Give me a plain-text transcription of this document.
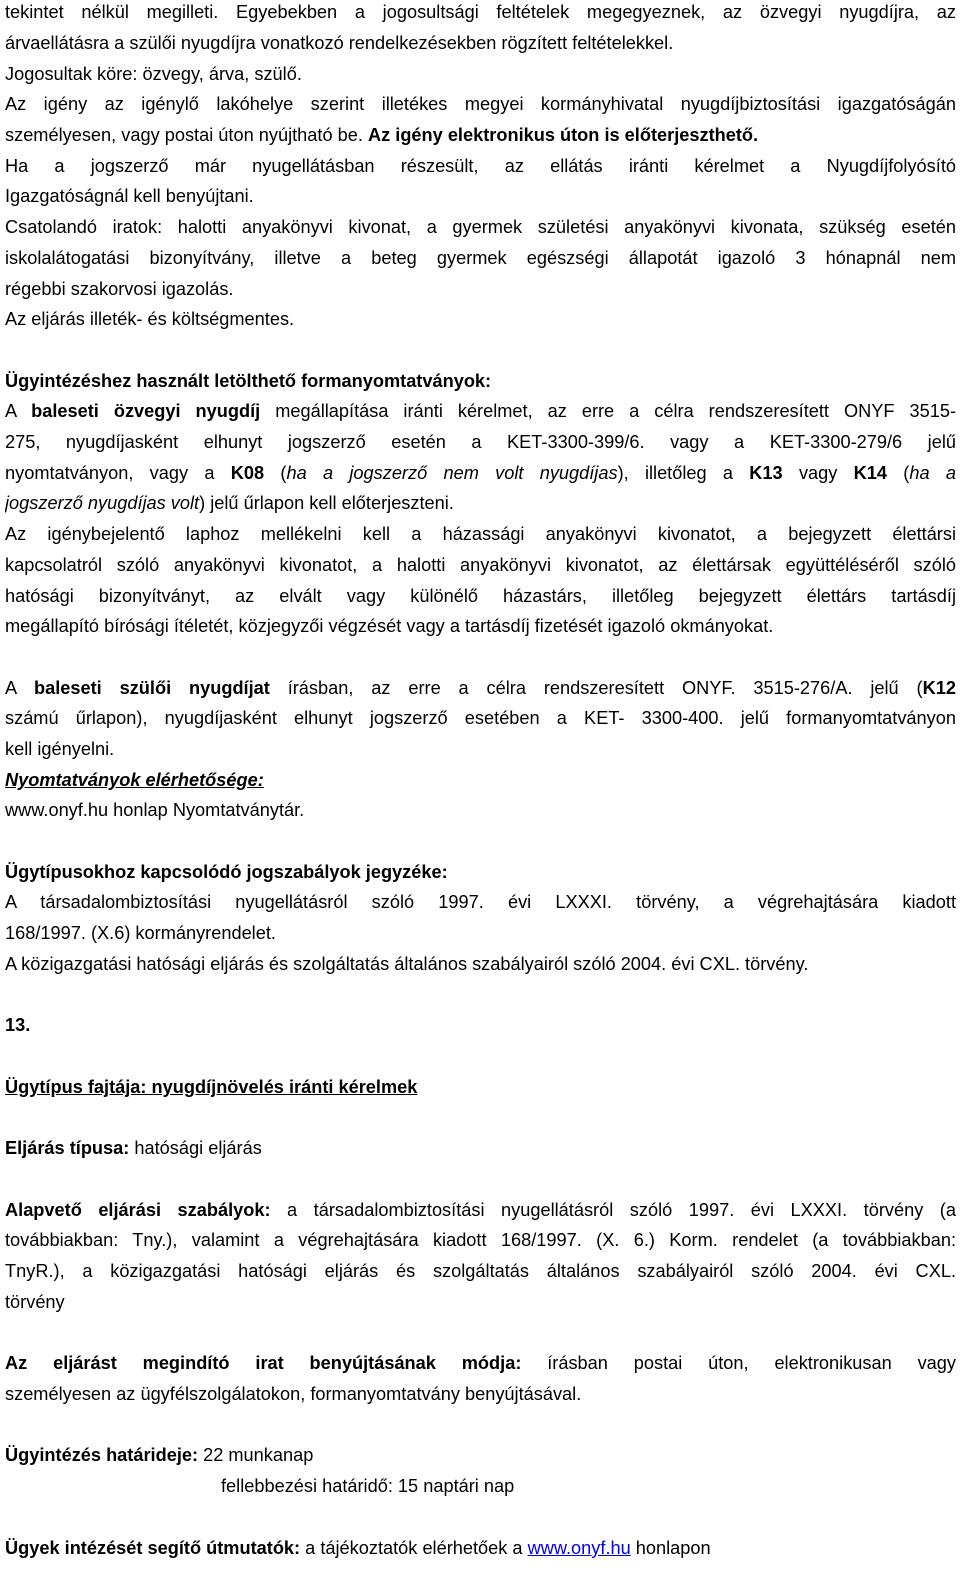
tekintet nélkül megilleti. Egyebekben a jogosultsági feltételek megegyeznek, az özvegyi nyugdíjra, az
árvaellátásra a szülői nyugdíjra vonatkozó rendelkezésekben rögzített feltételekkel.
Jogosultak köre: özvegy, árva, szülő.
Az igény az igénylő lakóhelye szerint illetékes megyei kormányhivatal nyugdíjbiztosítási igazgatóságán
személyesen, vagy postai úton nyújtható be. Az igény elektronikus úton is előterjeszthető.
Ha a jogszerző már nyugellátásban részesült, az ellátás iránti kérelmet a Nyugdíjfolyósító
Igazgatóságnál kell benyújtani.
Csatolandó iratok: halotti anyakönyvi kivonat, a gyermek születési anyakönyvi kivonata, szükség esetén
iskolalátogatási bizonyítvány, illetve a beteg gyermek egészségi állapotát igazoló 3 hónapnál nem
régebbi szakorvosi igazolás.
Az eljárás illeték- és költségmentes.
Ügyintézéshez használt letölthető formanyomtatványok:
A baleseti özvegyi nyugdíj megállapítása iránti kérelmet, az erre a célra rendszeresített ONYF 3515-
275, nyugdíjasként elhunyt jogszerző esetén a KET-3300-399/6. vagy a KET-3300-279/6 jelű
nyomtatványon, vagy a K08 (ha a jogszerző nem volt nyugdíjas), illetőleg a K13 vagy K14 (ha a
jogszerző nyugdíjas volt) jelű űrlapon kell előterjeszteni.
Az igénybejelentő laphoz mellékelni kell a házassági anyakönyvi kivonatot, a bejegyzett élettársi
kapcsolatról szóló anyakönyvi kivonatot, a halotti anyakönyvi kivonatot, az élettársak együttéléséről szóló
hatósági bizonyítványt, az elvált vagy különélő házastárs, illetőleg bejegyzett élettárs tartásdíj
megállapító bírósági ítéletét, közjegyzői végzését vagy a tartásdíj fizetését igazoló okmányokat.
A baleseti szülői nyugdíjat írásban, az erre a célra rendszeresített ONYF. 3515-276/A. jelű (K12
számú űrlapon), nyugdíjasként elhunyt jogszerző esetében a KET- 3300-400. jelű formanyomtatványon
kell igényelni.
Nyomtatványok elérhetősége:
www.onyf.hu honlap Nyomtatványtár.
Ügytípusokhoz kapcsolódó jogszabályok jegyzéke:
A társadalombiztosítási nyugellátásról szóló 1997. évi LXXXI. törvény, a végrehajtására kiadott
168/1997. (X.6) kormányrendelet.
A közigazgatási hatósági eljárás és szolgáltatás általános szabályairól szóló 2004. évi CXL. törvény.
13.
Ügytípus fajtája: nyugdíjnövelés iránti kérelmek
Eljárás típusa: hatósági eljárás
Alapvető eljárási szabályok: a társadalombiztosítási nyugellátásról szóló 1997. évi LXXXI. törvény (a
továbbiakban: Tny.), valamint a végrehajtására kiadott 168/1997. (X. 6.) Korm. rendelet (a továbbiakban:
TnyR.), a közigazgatási hatósági eljárás és szolgáltatás általános szabályairól szóló 2004. évi CXL.
törvény
Az eljárást megindító irat benyújtásának módja: írásban postai úton, elektronikusan vagy
személyesen az ügyfélszolgálatokon, formanyomtatvány benyújtásával.
Ügyintézés határideje: 22 munkanap
fellebbezési határidő: 15 naptári nap
Ügyek intézését segítő útmutatók: a tájékoztatók elérhetőek a www.onyf.hu honlapon
